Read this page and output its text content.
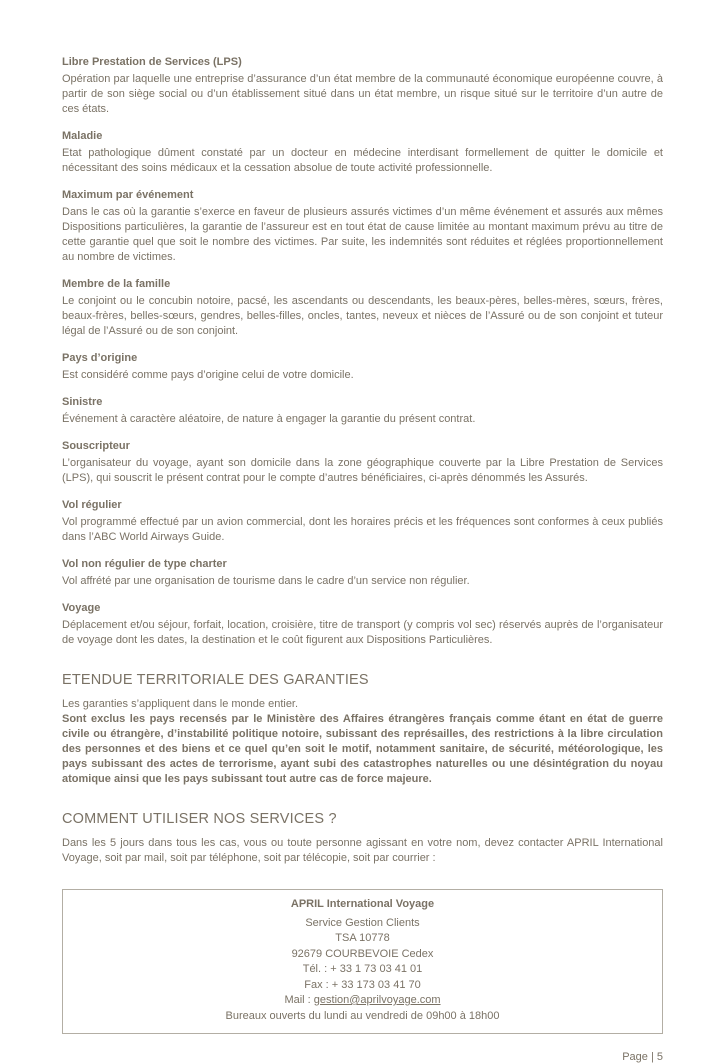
Libre Prestation de Services (LPS)

Opération par laquelle une entreprise d’assurance d’un état membre de la communauté économique européenne couvre, à partir de son siège social ou d’un établissement situé dans un état membre, un risque situé sur le territoire d’un autre de ces états.

Maladie

Etat pathologique dûment constaté par un docteur en médecine interdisant formellement de quitter le domicile et nécessitant des soins médicaux et la cessation absolue de toute activité professionnelle.

Maximum par événement

Dans le cas où la garantie s’exerce en faveur de plusieurs assurés victimes d’un même événement et assurés aux mêmes Dispositions particulières, la garantie de l’assureur est en tout état de cause limitée au montant maximum prévu au titre de cette garantie quel que soit le nombre des victimes. Par suite, les indemnités sont réduites et réglées proportionnellement au nombre de victimes.

Membre de la famille

Le conjoint ou le concubin notoire, pacsé, les ascendants ou descendants, les beaux-pères, belles-mères, sœurs, frères, beaux-frères, belles-sœurs, gendres, belles-filles, oncles, tantes, neveux et nièces de l’Assuré ou de son conjoint et tuteur légal de l’Assuré ou de son conjoint.

Pays d’origine

Est considéré comme pays d’origine celui de votre domicile.

Sinistre

Événement à caractère aléatoire, de nature à engager la garantie du présent contrat.

Souscripteur

L’organisateur du voyage, ayant son domicile dans la zone géographique couverte par la Libre Prestation de Services (LPS), qui souscrit le présent contrat pour le compte d’autres bénéficiaires, ci-après dénommés les Assurés.

Vol régulier

Vol programmé effectué par un avion commercial, dont les horaires précis et les fréquences sont conformes à ceux publiés dans l’ABC World Airways Guide.

Vol non régulier de type charter

Vol affrété par une organisation de tourisme dans le cadre d’un service non régulier.

Voyage

Déplacement et/ou séjour, forfait, location, croisière, titre de transport (y compris vol sec) réservés auprès de l’organisateur de voyage dont les dates, la destination et le coût figurent aux Dispositions Particulières.

ETENDUE TERRITORIALE DES GARANTIES

Les garanties s’appliquent dans le monde entier.

Sont exclus les pays recensés par le Ministère des Affaires étrangères français comme étant en état de guerre civile ou étrangère, d’instabilité politique notoire, subissant des représailles, des restrictions à la libre circulation des personnes et des biens et ce quel qu’en soit le motif, notamment sanitaire, de sécurité, météorologique, les pays subissant des actes de terrorisme, ayant subi des catastrophes naturelles ou une désintégration du noyau atomique ainsi que les pays subissant tout autre cas de force majeure.

COMMENT UTILISER NOS SERVICES ?

Dans les 5 jours dans tous les cas, vous ou toute personne agissant en votre nom, devez contacter APRIL International Voyage, soit par mail, soit par téléphone, soit par télécopie, soit par courrier :

APRIL International Voyage
Service Gestion Clients
TSA 10778
92679 COURBEVOIE Cedex
Tél. : + 33 1 73 03 41 01
Fax : + 33 173 03 41 70
Mail : gestion@aprilvoyage.com
Bureaux ouverts du lundi au vendredi de 09h00 à 18h00
Page | 5
